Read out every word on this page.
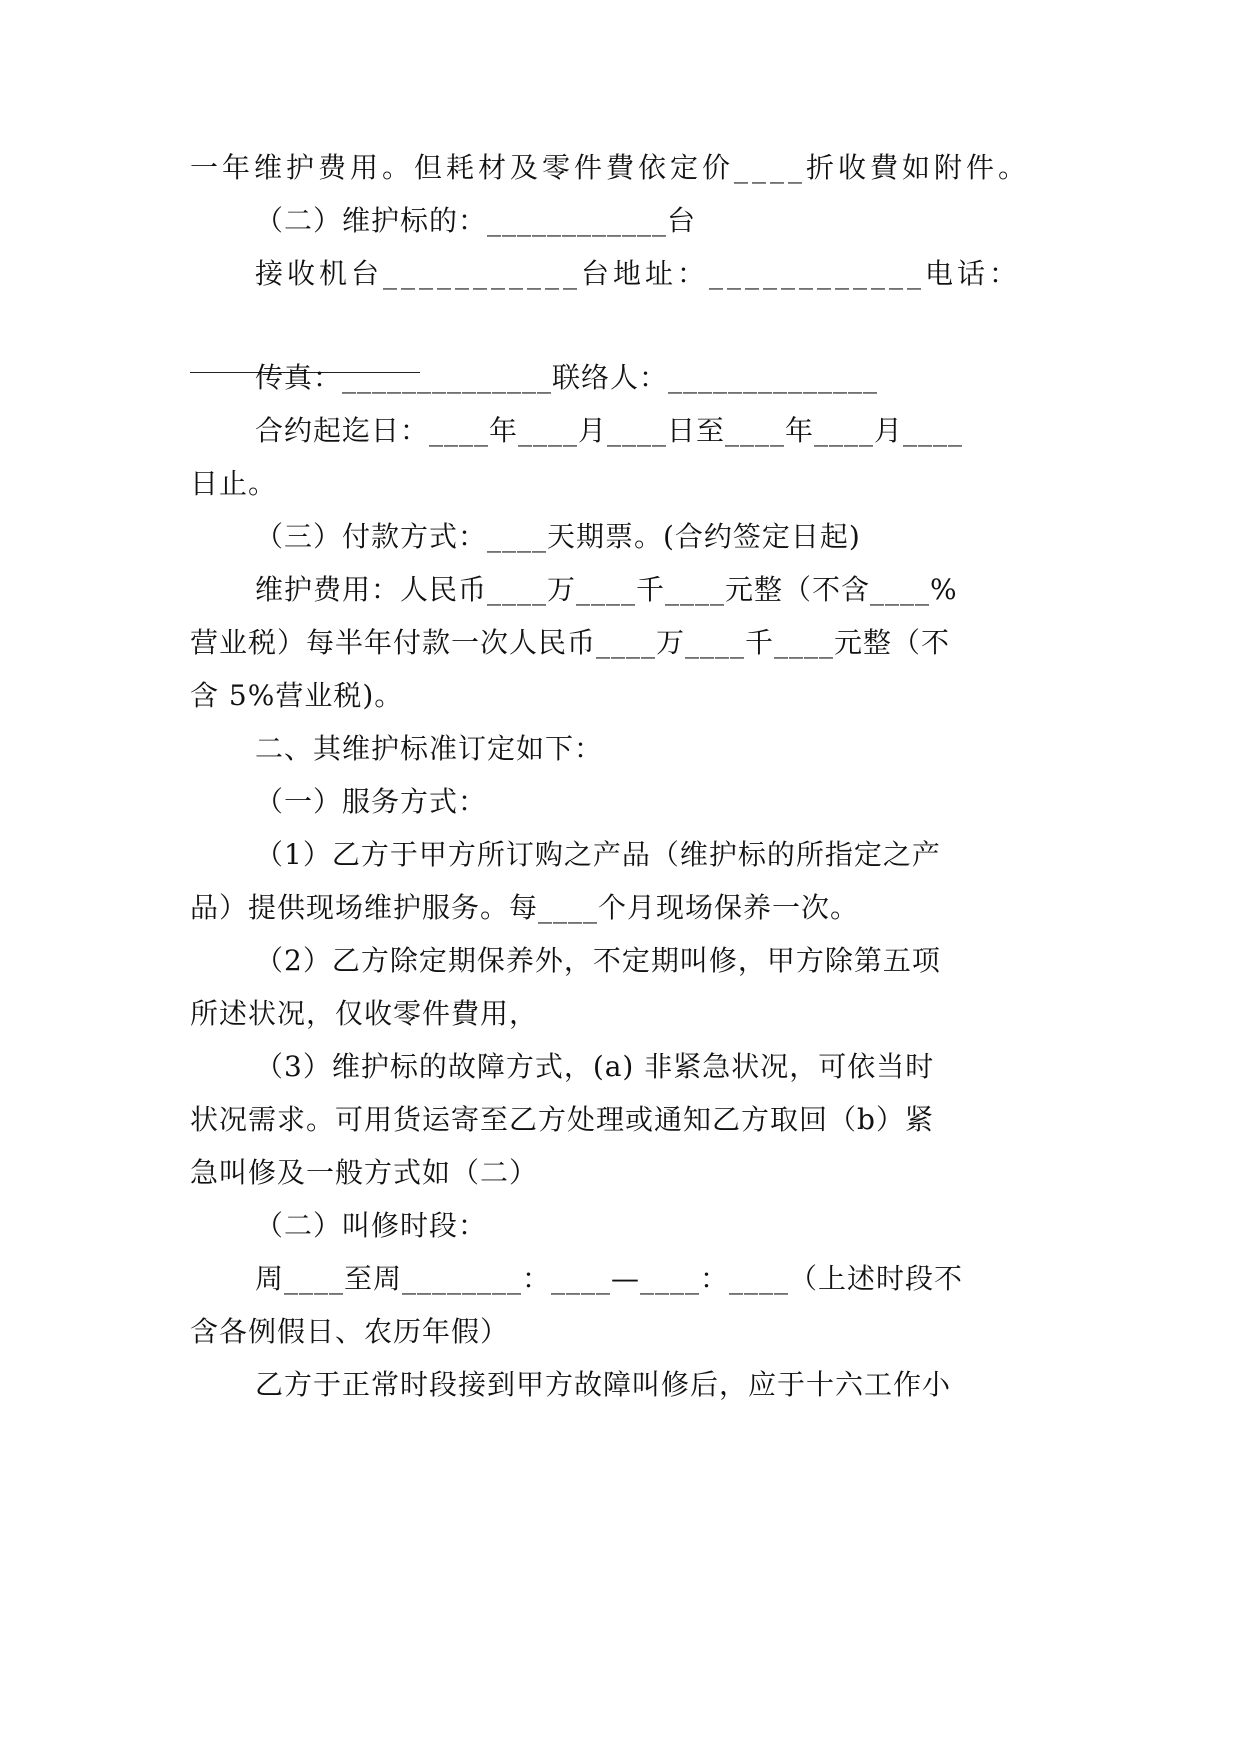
一年维护费用。但耗材及零件費依定价____折收費如附件。
（二）维护标的：____________台
接收机台___________台地址：____________电话：
传真：______________联络人：______________
合约起迄日：____年____月____日至____年____月____
日止。
（三）付款方式：____天期票。(合约签定日起)
维护费用：人民币____万____千____元整（不含____%
营业税）每半年付款一次人民币____万____千____元整（不
含 5%营业税)。
二、其维护标准订定如下：
（一）服务方式：
（1）乙方于甲方所订购之产品（维护标的所指定之产
品）提供现场维护服务。每____个月现场保养一次。
（2）乙方除定期保养外，不定期叫修，甲方除第五项
所述状况，仅收零件費用，
（3）维护标的故障方式，(a) 非紧急状况，可依当时
状况需求。可用货运寄至乙方处理或通知乙方取回（b）紧
急叫修及一般方式如（二）
（二）叫修时段：
周____至周________：____—____：____（上述时段不
含各例假日、农历年假）
乙方于正常时段接到甲方故障叫修后，应于十六工作小
